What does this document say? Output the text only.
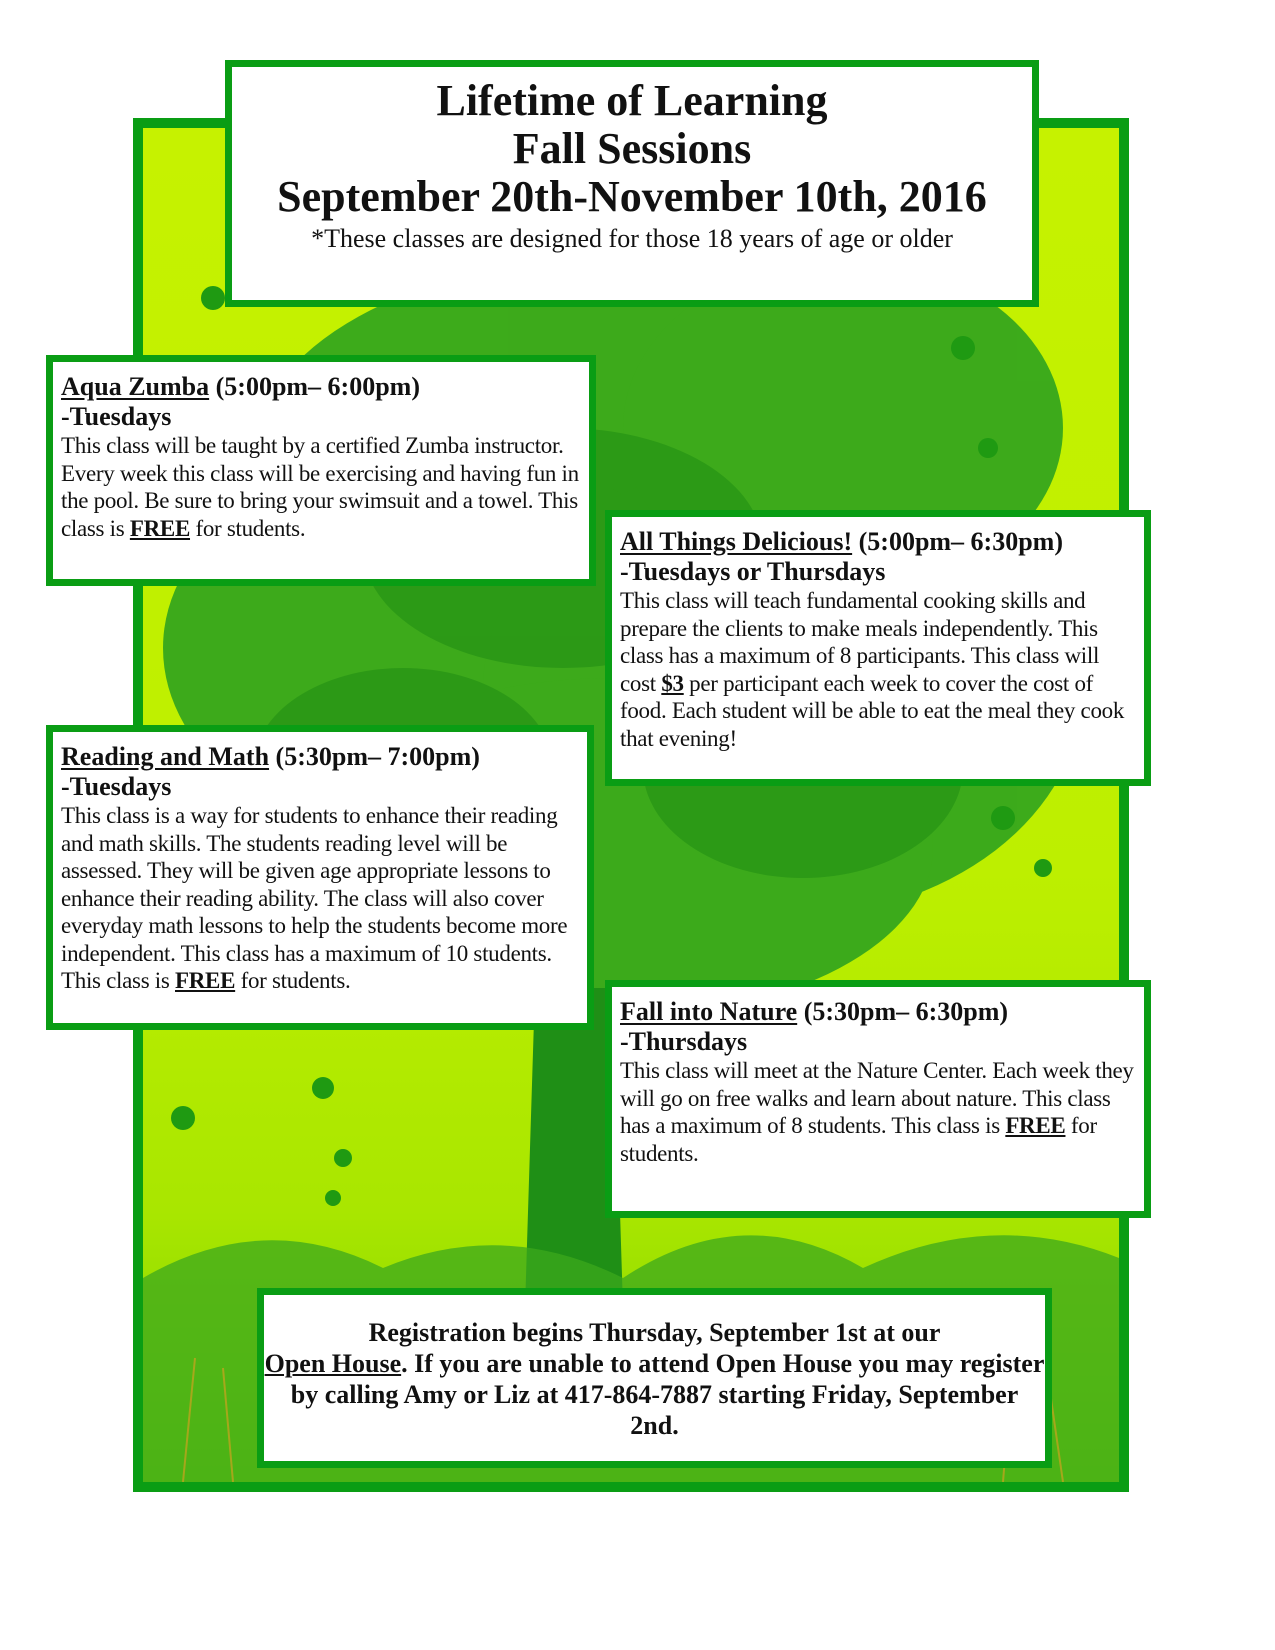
Lifetime of Learning
Fall Sessions
September 20th-November 10th, 2016
*These classes are designed for those 18 years of age or older
Aqua Zumba (5:00pm– 6:00pm)
-Tuesdays
This class will be taught by a certified Zumba instructor. Every week this class will be exercising and having fun in the pool. Be sure to bring your swimsuit and a towel. This class is FREE for students.	All Things Delicious! (5:00pm– 6:30pm)
-Tuesdays or Thursdays
This class will teach fundamental cooking skills and prepare the clients to make meals independently. This class has a maximum of 8 participants. This class will cost $3 per participant each week to cover the cost of food. Each student will be able to eat the meal they cook that evening!
Reading and Math (5:30pm– 7:00pm)
-Tuesdays
This class is a way for students to enhance their reading and math skills. The students reading level will be assessed. They will be given age appropriate lessons to enhance their reading ability. The class will also cover everyday math lessons to help the students become more independent. This class has a maximum of 10 students. This class is FREE for students.
Fall into Nature (5:30pm– 6:30pm)
-Thursdays
This class will meet at the Nature Center. Each week they will go on free walks and learn about nature. This class has a maximum of 8 students. This class is FREE for students.
Registration begins Thursday, September 1st at our
Open House. If you are unable to attend Open House you may register by calling Amy or Liz at 417-864-7887 starting Friday, September 2nd.
